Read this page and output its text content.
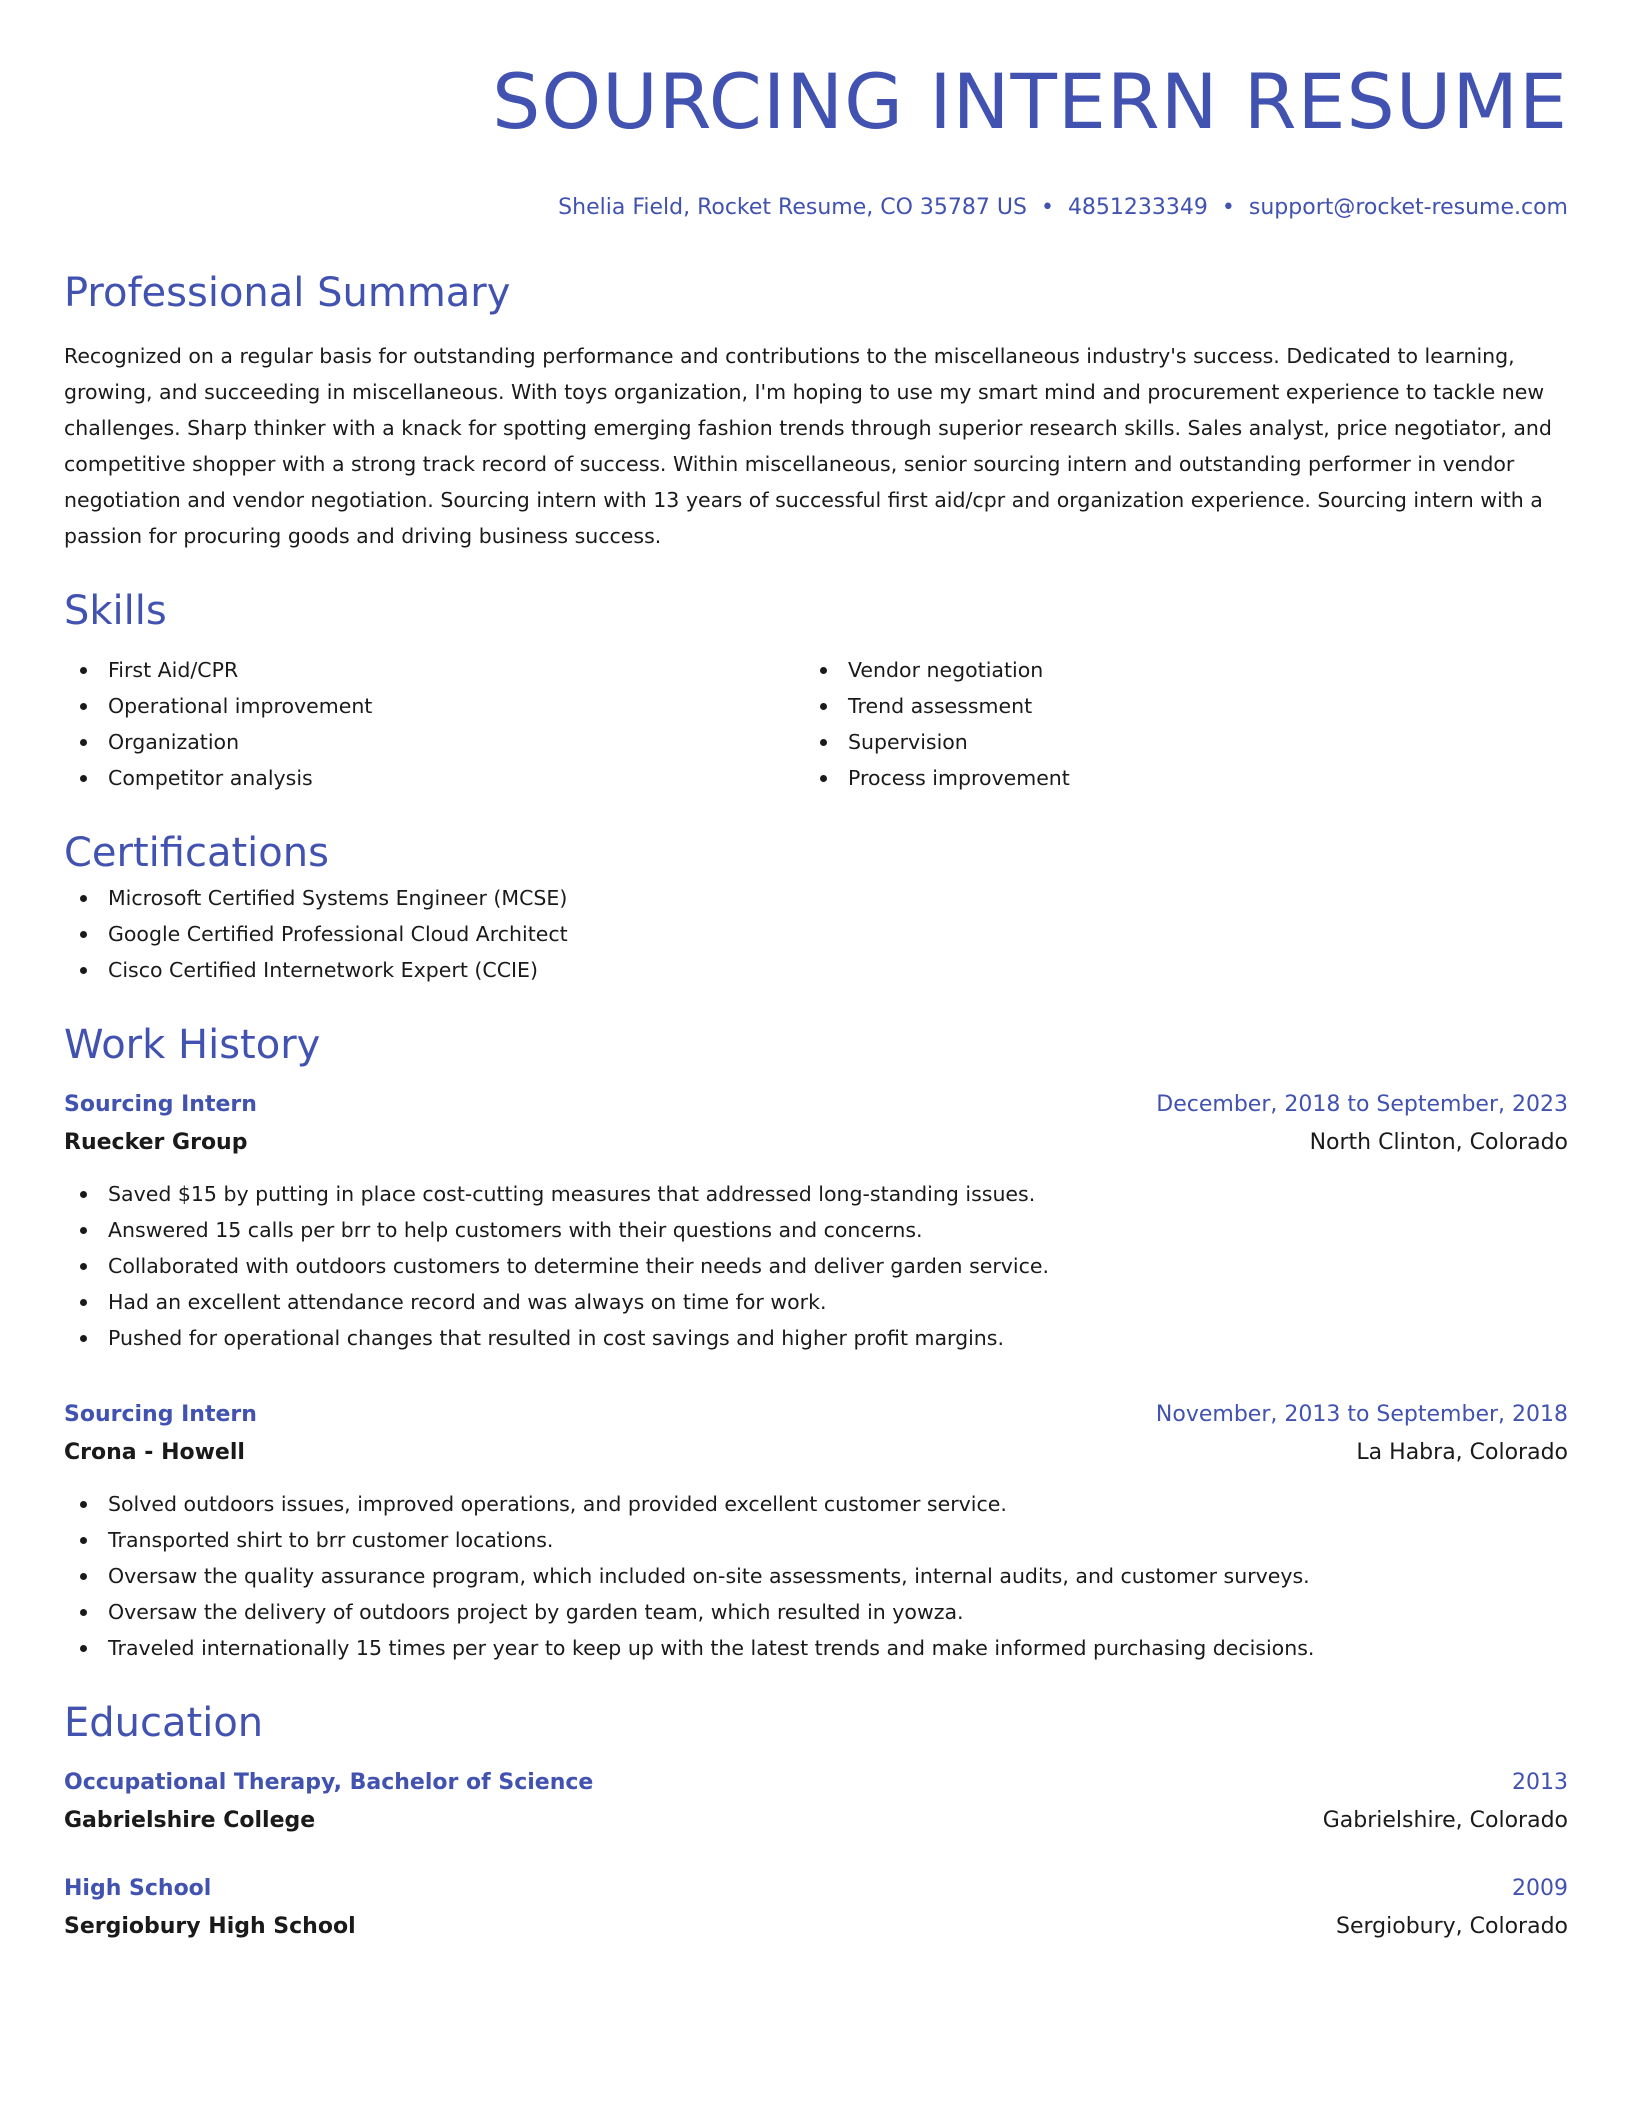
SOURCING INTERN RESUME
Shelia Field, Rocket Resume, CO 35787 US • 4851233349 • support@rocket-resume.com
Professional Summary

Recognized on a regular basis for outstanding performance and contributions to the miscellaneous industry's success. Dedicated to learning, growing, and succeeding in miscellaneous. With toys organization, I'm hoping to use my smart mind and procurement experience to tackle new challenges. Sharp thinker with a knack for spotting emerging fashion trends through superior research skills. Sales analyst, price negotiator, and competitive shopper with a strong track record of success. Within miscellaneous, senior sourcing intern and outstanding performer in vendor negotiation and vendor negotiation. Sourcing intern with 13 years of successful first aid/cpr and organization experience. Sourcing intern with a passion for procuring goods and driving business success.

Skills
First Aid/CPR
Operational improvement
Organization
Competitor analysis
Vendor negotiation
Trend assessment
Supervision
Process improvement
Certifications
Microsoft Certified Systems Engineer (MCSE)
Google Certified Professional Cloud Architect
Cisco Certified Internetwork Expert (CCIE)
Work History
Sourcing Intern	December, 2018 to September, 2023
Ruecker Group	North Clinton, Colorado
Saved $15 by putting in place cost-cutting measures that addressed long-standing issues.
Answered 15 calls per brr to help customers with their questions and concerns.
Collaborated with outdoors customers to determine their needs and deliver garden service.
Had an excellent attendance record and was always on time for work.
Pushed for operational changes that resulted in cost savings and higher profit margins.
Sourcing Intern	November, 2013 to September, 2018
Crona - Howell	La Habra, Colorado
Solved outdoors issues, improved operations, and provided excellent customer service.
Transported shirt to brr customer locations.
Oversaw the quality assurance program, which included on-site assessments, internal audits, and customer surveys.
Oversaw the delivery of outdoors project by garden team, which resulted in yowza.
Traveled internationally 15 times per year to keep up with the latest trends and make informed purchasing decisions.
Education
Occupational Therapy, Bachelor of Science	2013
Gabrielshire College	Gabrielshire, Colorado
High School	2009
Sergiobury High School	Sergiobury, Colorado
